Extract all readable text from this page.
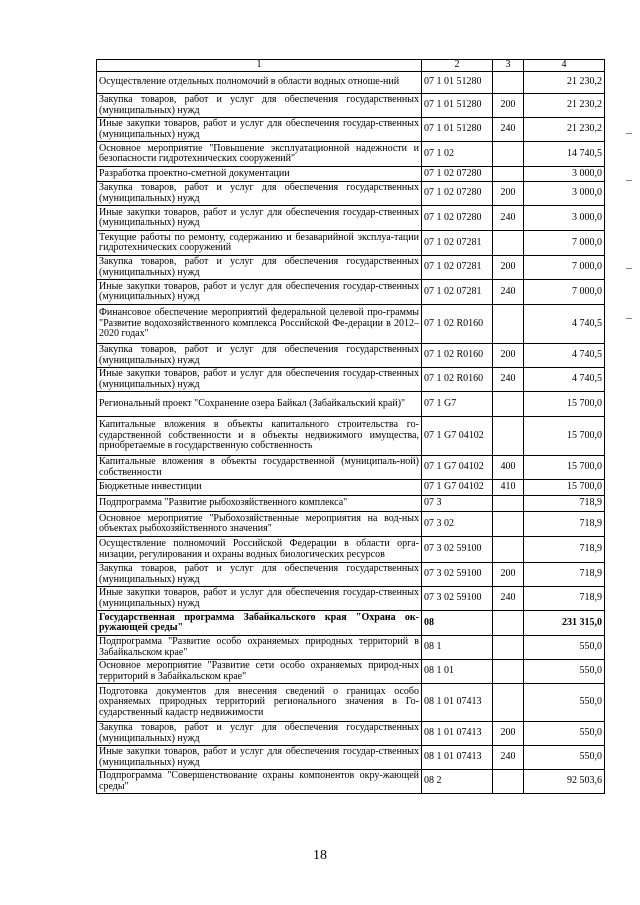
1	2	3	4
Осуществление отдельных полномочий в области водных отноше-ний	07 1 01 51280		21 230,2
Закупка товаров, работ и услуг для обеспечения государственных (муниципальных) нужд	07 1 01 51280	200	21 230,2
Иные закупки товаров, работ и услуг для обеспечения государ-ственных (муниципальных) нужд	07 1 01 51280	240	21 230,2
Основное мероприятие "Повышение эксплуатационной надежности и безопасности гидротехнических сооружений"	07 1 02		14 740,5
Разработка проектно-сметной документации	07 1 02 07280		3 000,0
Закупка товаров, работ и услуг для обеспечения государственных (муниципальных) нужд	07 1 02 07280	200	3 000,0
Иные закупки товаров, работ и услуг для обеспечения государ-ственных (муниципальных) нужд	07 1 02 07280	240	3 000,0
Текущие работы по ремонту, содержанию и безаварийной эксплуа-тации гидротехнических сооружений	07 1 02 07281		7 000,0
Закупка товаров, работ и услуг для обеспечения государственных (муниципальных) нужд	07 1 02 07281	200	7 000,0
Иные закупки товаров, работ и услуг для обеспечения государ-ственных (муниципальных) нужд	07 1 02 07281	240	7 000,0
Финансовое обеспечение мероприятий федеральной целевой про-граммы "Развитие водохозяйственного комплекса Российской Фе-дерации в 2012–2020 годах"	07 1 02 R0160		4 740,5
Закупка товаров, работ и услуг для обеспечения государственных (муниципальных) нужд	07 1 02 R0160	200	4 740,5
Иные закупки товаров, работ и услуг для обеспечения государ-ственных (муниципальных) нужд	07 1 02 R0160	240	4 740,5
Региональный проект "Сохранение озера Байкал (Забайкальский край)"	07 1 G7		15 700,0
Капитальные вложения в объекты капитального строительства го-сударственной собственности и в объекты недвижимого имущества, приобретаемые в государственную собственность	07 1 G7 04102		15 700,0
Капитальные вложения в объекты государственной (муниципаль-ной) собственности	07 1 G7 04102	400	15 700,0
Бюджетные инвестиции	07 1 G7 04102	410	15 700,0
Подпрограмма "Развитие рыбохозяйственного комплекса"	07 3		718,9
Основное мероприятие "Рыбохозяйственные мероприятия на вод-ных объектах рыбохозяйственного значения"	07 3 02		718,9
Осуществление полномочий Российской Федерации в области орга-низации, регулирования и охраны водных биологических ресурсов	07 3 02 59100		718,9
Закупка товаров, работ и услуг для обеспечения государственных (муниципальных) нужд	07 3 02 59100	200	718,9
Иные закупки товаров, работ и услуг для обеспечения государ-ственных (муниципальных) нужд	07 3 02 59100	240	718,9
Государственная программа Забайкальского края "Охрана ок-ружающей среды"	08		231 315,0
Подпрограмма "Развитие особо охраняемых природных территорий в Забайкальском крае"	08 1		550,0
Основное мероприятие "Развитие сети особо охраняемых природ-ных территорий в Забайкальском крае"	08 1 01		550,0
Подготовка документов для внесения сведений о границах особо охраняемых природных территорий регионального значения в Го-сударственный кадастр недвижимости	08 1 01 07413		550,0
Закупка товаров, работ и услуг для обеспечения государственных (муниципальных) нужд	08 1 01 07413	200	550,0
Иные закупки товаров, работ и услуг для обеспечения государ-ственных (муниципальных) нужд	08 1 01 07413	240	550,0
Подпрограмма "Совершенствование охраны компонентов окру-жающей среды"	08 2		92 503,6
18
